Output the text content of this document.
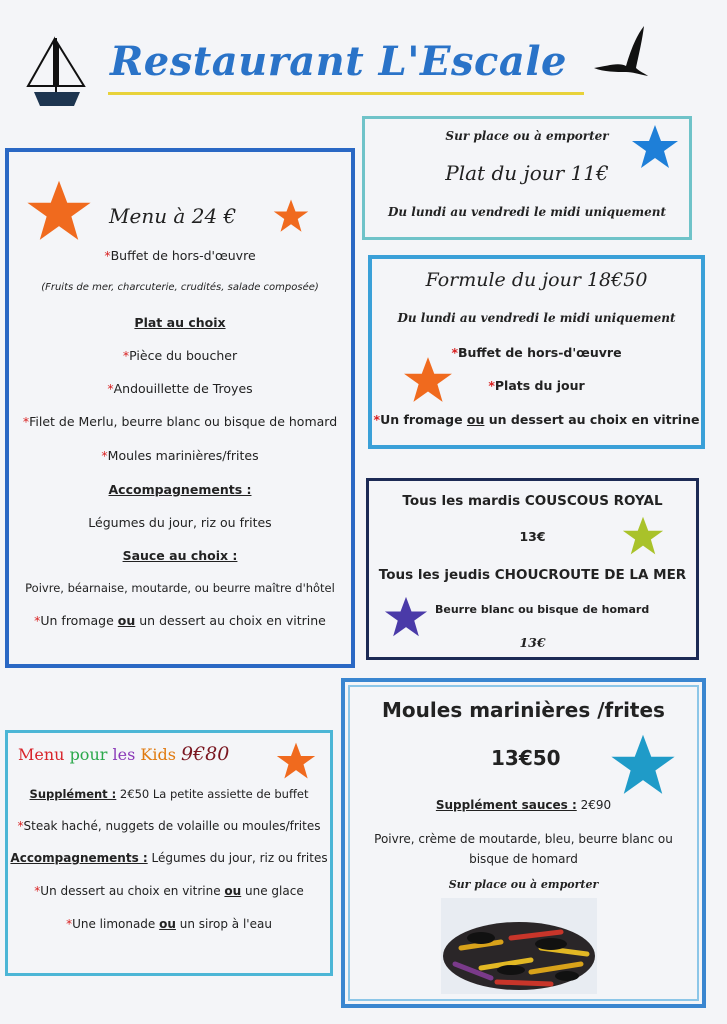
Restaurant L'Escale
Sur place ou à emporter
Plat du jour 11€
Du lundi au vendredi le midi uniquement
Menu à 24 €
*Buffet de hors-d'œuvre
(Fruits de mer, charcuterie, crudités, salade composée)
Plat au choix
*Pièce du boucher
*Andouillette de Troyes
*Filet de Merlu, beurre blanc ou bisque de homard
*Moules marinières/frites
Accompagnements :
Légumes du jour, riz ou frites
Sauce au choix :
Poivre, béarnaise, moutarde, ou beurre maître d'hôtel
*Un fromage ou un dessert au choix en vitrine
Formule du jour 18€50
Du lundi au vendredi le midi uniquement
*Buffet de hors-d'œuvre
*Plats du jour
*Un fromage ou un dessert au choix en vitrine
Tous les mardis COUSCOUS ROYAL
13€
Tous les jeudis CHOUCROUTE DE LA MER
Beurre blanc ou bisque de homard
13€
Menu pour les Kids 9€80
Supplément : 2€50 La petite assiette de buffet
*Steak haché, nuggets de volaille ou moules/frites
Accompagnements : Légumes du jour, riz ou frites
*Un dessert au choix en vitrine ou une glace
*Une limonade ou un sirop à l'eau
Moules marinières /frites
13€50
Supplément sauces : 2€90
Poivre, crème de moutarde, bleu, beurre blanc ou
bisque de homard
Sur place ou à emporter
